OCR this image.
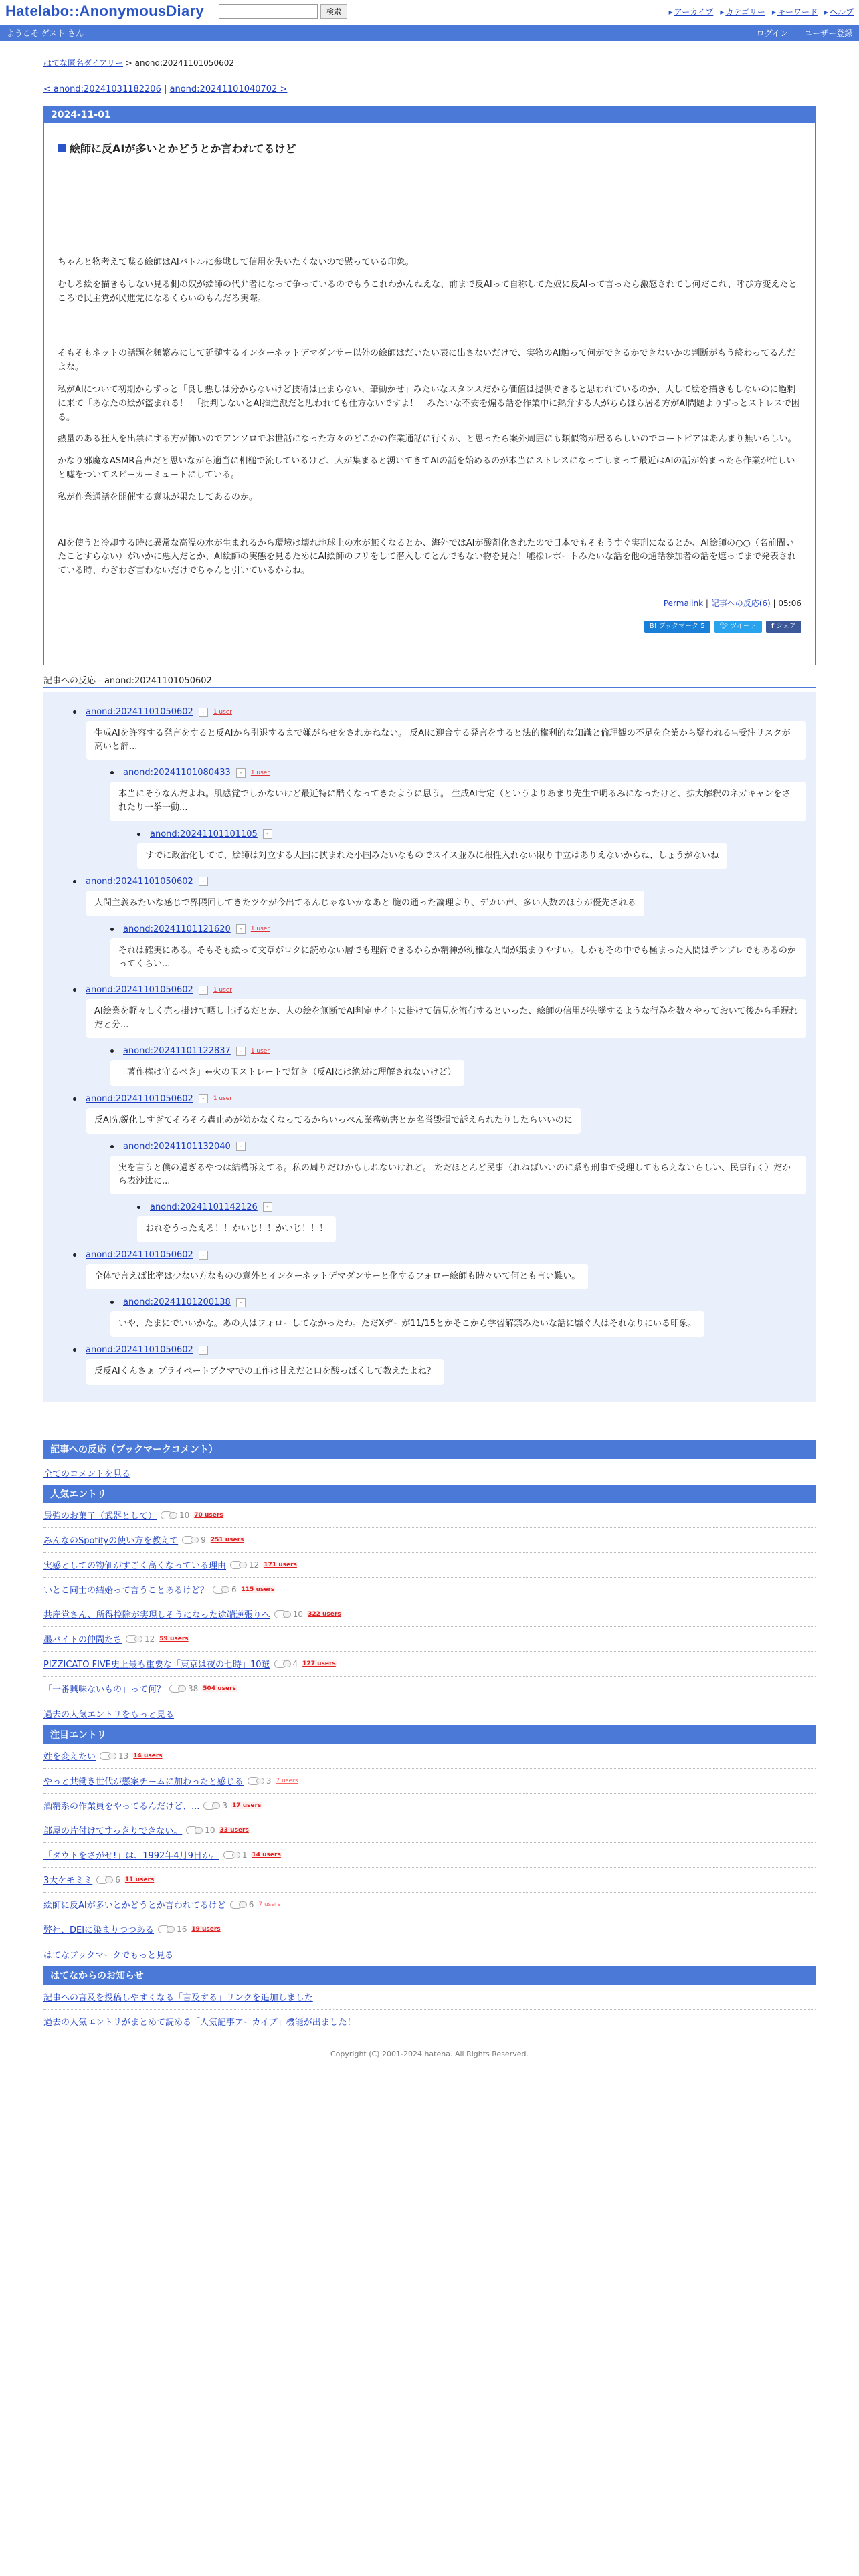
Hatelabo::AnonymousDiary	検索	▸ アーカイブ	▸ カテゴリー	▸ キーワード	▸ ヘルプ
ようこそ ゲスト さん	ログイン ユーザー登録
はてな匿名ダイアリー > anond:20241101050602
< anond:20241031182206 | anond:20241101040702 >
2024-11-01
絵師に反AIが多いとかどうとか言われてるけど

ちゃんと物考えて喋る絵師はAIバトルに参戦して信用を失いたくないので黙っている印象。

むしろ絵を描きもしない見る側の奴が絵師の代弁者になって争っているのでもうこれわかんねえな、前まで反AIって自称してた奴に反AIって言ったら激怒されてし何だこれ、呼び方変えたところで民主党が民進党になるくらいのもんだろ実際。

そもそもネットの話題を頻繁みにして延髄するインターネットデマダンサー以外の絵師はだいたい表に出さないだけで、実物のAI触って何ができるかできないかの判断がもう終わってるんだよな。

私がAIについて初期からずっと「良し悪しは分からないけど技術は止まらない、筆動かせ」みたいなスタンスだから価値は提供できると思われているのか、大して絵を描きもしないのに過剰に来て「あなたの絵が盗まれる！」「批判しないとAI推進派だと思われても仕方ないですよ！」みたいな不安を煽る話を作業中に熱弁する人がちらほら居る方がAI問題よりずっとストレスで困る。

熱量のある狂人を出禁にする方が怖いのでアンソロでお世話になった方々のどこかの作業通話に行くか、と思ったら案外周囲にも類似物が居るらしいのでコートピアはあんまり無いらしい。

かなり邪魔なASMR音声だと思いながら適当に相槌で流しているけど、人が集まると湧いてきてAIの話を始めるのが本当にストレスになってしまって最近はAIの話が始まったら作業が忙しいと嘘をついてスピーカーミュートにしている。

私が作業通話を開催する意味が果たしてあるのか。

AIを使うと冷却する時に異常な高温の水が生まれるから環境は壊れ地球上の水が無くなるとか、海外ではAIが酸剤化されたので日本でもそもうすぐ実刑になるとか、AI絵師の○○（名前間いたことすらない）がいかに悪人だとか、AI絵師の実態を見るためにAI絵師のフリをして潜入してとんでもない物を見た！嘘松レポートみたいな話を他の通話参加者の話を遮ってまで発表されている時、わざわざ言わないだけでちゃんと引いているからね。

Permalink | 記事への反応(6) | 05:06
B! ブックマーク 5	🐦︎ ツイート	f シェア
記事への反応 - anond:20241101050602
anond:20241101050602	-	1 user
生成AIを許容する発言をすると反AIから引退するまで嫌がらせをされかねない。 反AIに迎合する発言をすると法的権利的な知識と倫理観の不足を企業から疑われる≒受注リスクが高いと評...
anond:20241101080433	-	1 user
本当にそうなんだよね。肌感覚でしかないけど最近特に酷くなってきたように思う。 生成AI肯定（というよりあまり先生で明るみになったけど、拡大解釈のネガキャンをされたり一挙一動...
anond:20241101101105	-
すでに政治化してて、絵師は対立する大国に挟まれた小国みたいなものでスイス並みに根性入れない限り中立はありえないからね、しょうがないね
anond:20241101050602	-
人間主義みたいな感じで界隈回してきたツケが今出てるんじゃないかなあと 脆の通った論理より、デカい声、多い人数のほうが優先される
anond:20241101121620	-	1 user
それは確実にある。そもそも絵って文章がロクに読めない層でも理解できるからか精神が幼稚な人間が集まりやすい。しかもその中でも極まった人間はテンプレでもあるのかってくらい...
anond:20241101050602	-	1 user
AI絵業を軽々しく売っ掛けて晒し上げるだとか、人の絵を無断でAI判定サイトに掛けて偏見を流布するといった、絵師の信用が失墜するような行為を数々やっておいて後から手遅れだと分...
anond:20241101122837	-	1 user
「著作権は守るべき」←火の玉ストレートで好き（反AIには絶対に理解されないけど）
anond:20241101050602	-	1 user
反AI先鋭化しすぎてそろそろ蟲止めが効かなくなってるからいっぺん業務妨害とか名誉毀損で訴えられたりしたらいいのに
anond:20241101132040	-
実を言うと僕の過ぎるやつは結構訴えてる。私の周りだけかもしれないけれど。 ただほとんど民事（れねばいいのに系も刑事で受理してもらえないらしい、民事行く）だから表沙汰に...
anond:20241101142126	-
おれをうったえろ！！かいじ！！かいじ！！！
anond:20241101050602	-
全体で言えば比率は少ない方なものの意外とインターネットデマダンサーと化するフォロー絵師も時々いて何とも言い難い。
anond:20241101200138	-
いや、たまにでいいかな。あの人はフォローしてなかったわ。ただXデーが11/15とかそこから学習解禁みたいな話に騒ぐ人はそれなりにいる印象。
anond:20241101050602	-
反反AIくんさぁ ブライベートブクマでの工作は甘えだと口を酸っぱくして教えたよね？
記事への反応（ブックマークコメント）
全てのコメントを見る
人気エントリ
最強のお菓子（武器として）	10 70 users
みんなのSpotifyの使い方を教えて	9 251 users
実感としての物価がすごく高くなっている理由	12 171 users
いとこ同士の結婚って言うことあるけど？	6 115 users
共産党さん、所得控除が実現しそうになった途端逆張りへ	10 322 users
墨バイトの仲間たち	12 59 users
PIZZICATO FIVE史上最も重要な「東京は夜の七時」10選	4 127 users
「一番興味ないもの」って何？	38 504 users
過去の人気エントリをもっと見る
注目エントリ
姓を変えたい	13 14 users
やっと共働き世代が懸案チームに加わったと感じる	3 7 users
酒精系の作業員をやってるんだけど、...	3 17 users
部屋の片付けてすっきりできない。	10 33 users
「ダウトをさがせ!」は、1992年4月9日か。	1 14 users
3大ケモミミ	6 11 users
絵師に反AIが多いとかどうとか言われてるけど	6 7 users
弊社、DEIに染まりつつある	16 19 users
はてなブックマークでもっと見る
はてなからのお知らせ
記事への言及を投稿しやすくなる「言及する」リンクを追加しました
過去の人気エントリがまとめて読める「人気記事アーカイブ」機能が出ました！
Copyright (C) 2001-2024 hatena. All Rights Reserved.
